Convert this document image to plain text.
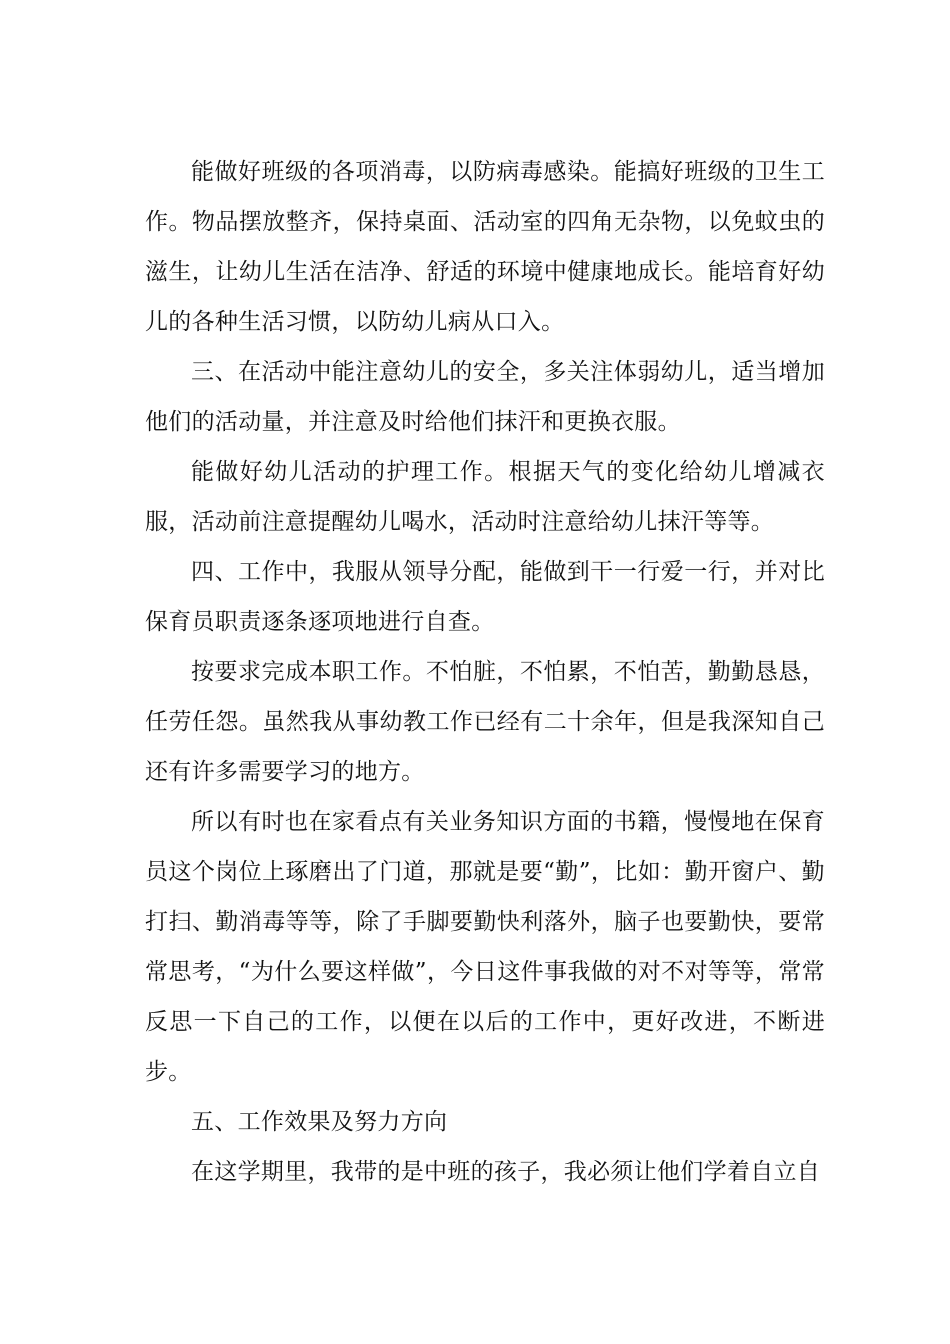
能做好班级的各项消毒，以防病毒感染。能搞好班级的卫生工作。物品摆放整齐，保持桌面、活动室的四角无杂物，以免蚊虫的滋生，让幼儿生活在洁净、舒适的环境中健康地成长。能培育好幼儿的各种生活习惯，以防幼儿病从口入。

三、在活动中能注意幼儿的安全，多关注体弱幼儿，适当增加他们的活动量，并注意及时给他们抹汗和更换衣服。

能做好幼儿活动的护理工作。根据天气的变化给幼儿增减衣服，活动前注意提醒幼儿喝水，活动时注意给幼儿抹汗等等。

四、工作中，我服从领导分配，能做到干一行爱一行，并对比保育员职责逐条逐项地进行自查。

按要求完成本职工作。不怕脏，不怕累，不怕苦，勤勤恳恳，任劳任怨。虽然我从事幼教工作已经有二十余年，但是我深知自己还有许多需要学习的地方。

所以有时也在家看点有关业务知识方面的书籍，慢慢地在保育员这个岗位上琢磨出了门道，那就是要“勤”，比如：勤开窗户、勤打扫、勤消毒等等，除了手脚要勤快利落外，脑子也要勤快，要常常思考，“为什么要这样做”，今日这件事我做的对不对等等，常常反思一下自己的工作，以便在以后的工作中，更好改进，不断进步。

五、工作效果及努力方向

在这学期里，我带的是中班的孩子，我必须让他们学着自立自
